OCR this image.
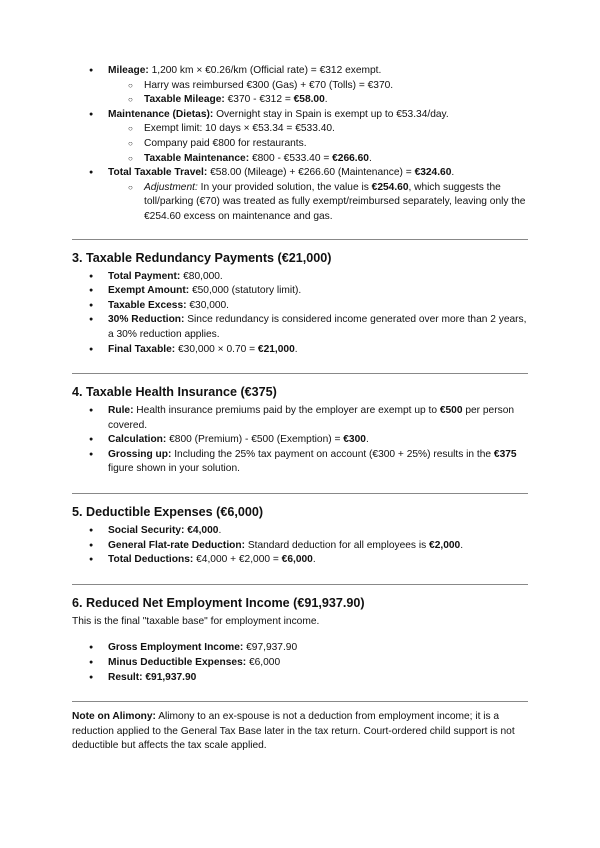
● Mileage: 1,200 km × €0.26/km (Official rate) = €312 exempt.
○ Harry was reimbursed €300 (Gas) + €70 (Tolls) = €370.
○ Taxable Mileage: €370 - €312 = €58.00.
● Maintenance (Dietas): Overnight stay in Spain is exempt up to €53.34/day.
○ Exempt limit: 10 days × €53.34 = €533.40.
○ Company paid €800 for restaurants.
○ Taxable Maintenance: €800 - €533.40 = €266.60.
● Total Taxable Travel: €58.00 (Mileage) + €266.60 (Maintenance) = €324.60.
○ Adjustment: In your provided solution, the value is €254.60, which suggests the toll/parking (€70) was treated as fully exempt/reimbursed separately, leaving only the €254.60 excess on maintenance and gas.
3. Taxable Redundancy Payments (€21,000)
● Total Payment: €80,000.
● Exempt Amount: €50,000 (statutory limit).
● Taxable Excess: €30,000.
● 30% Reduction: Since redundancy is considered income generated over more than 2 years, a 30% reduction applies.
● Final Taxable: €30,000 × 0.70 = €21,000.
4. Taxable Health Insurance (€375)
● Rule: Health insurance premiums paid by the employer are exempt up to €500 per person covered.
● Calculation: €800 (Premium) - €500 (Exemption) = €300.
● Grossing up: Including the 25% tax payment on account (€300 + 25%) results in the €375 figure shown in your solution.
5. Deductible Expenses (€6,000)
● Social Security: €4,000.
● General Flat-rate Deduction: Standard deduction for all employees is €2,000.
● Total Deductions: €4,000 + €2,000 = €6,000.
6. Reduced Net Employment Income (€91,937.90)

This is the final "taxable base" for employment income.

● Gross Employment Income: €97,937.90
● Minus Deductible Expenses: €6,000
● Result: €91,937.90

Note on Alimony: Alimony to an ex-spouse is not a deduction from employment income; it is a reduction applied to the General Tax Base later in the tax return. Court-ordered child support is not deductible but affects the tax scale applied.
